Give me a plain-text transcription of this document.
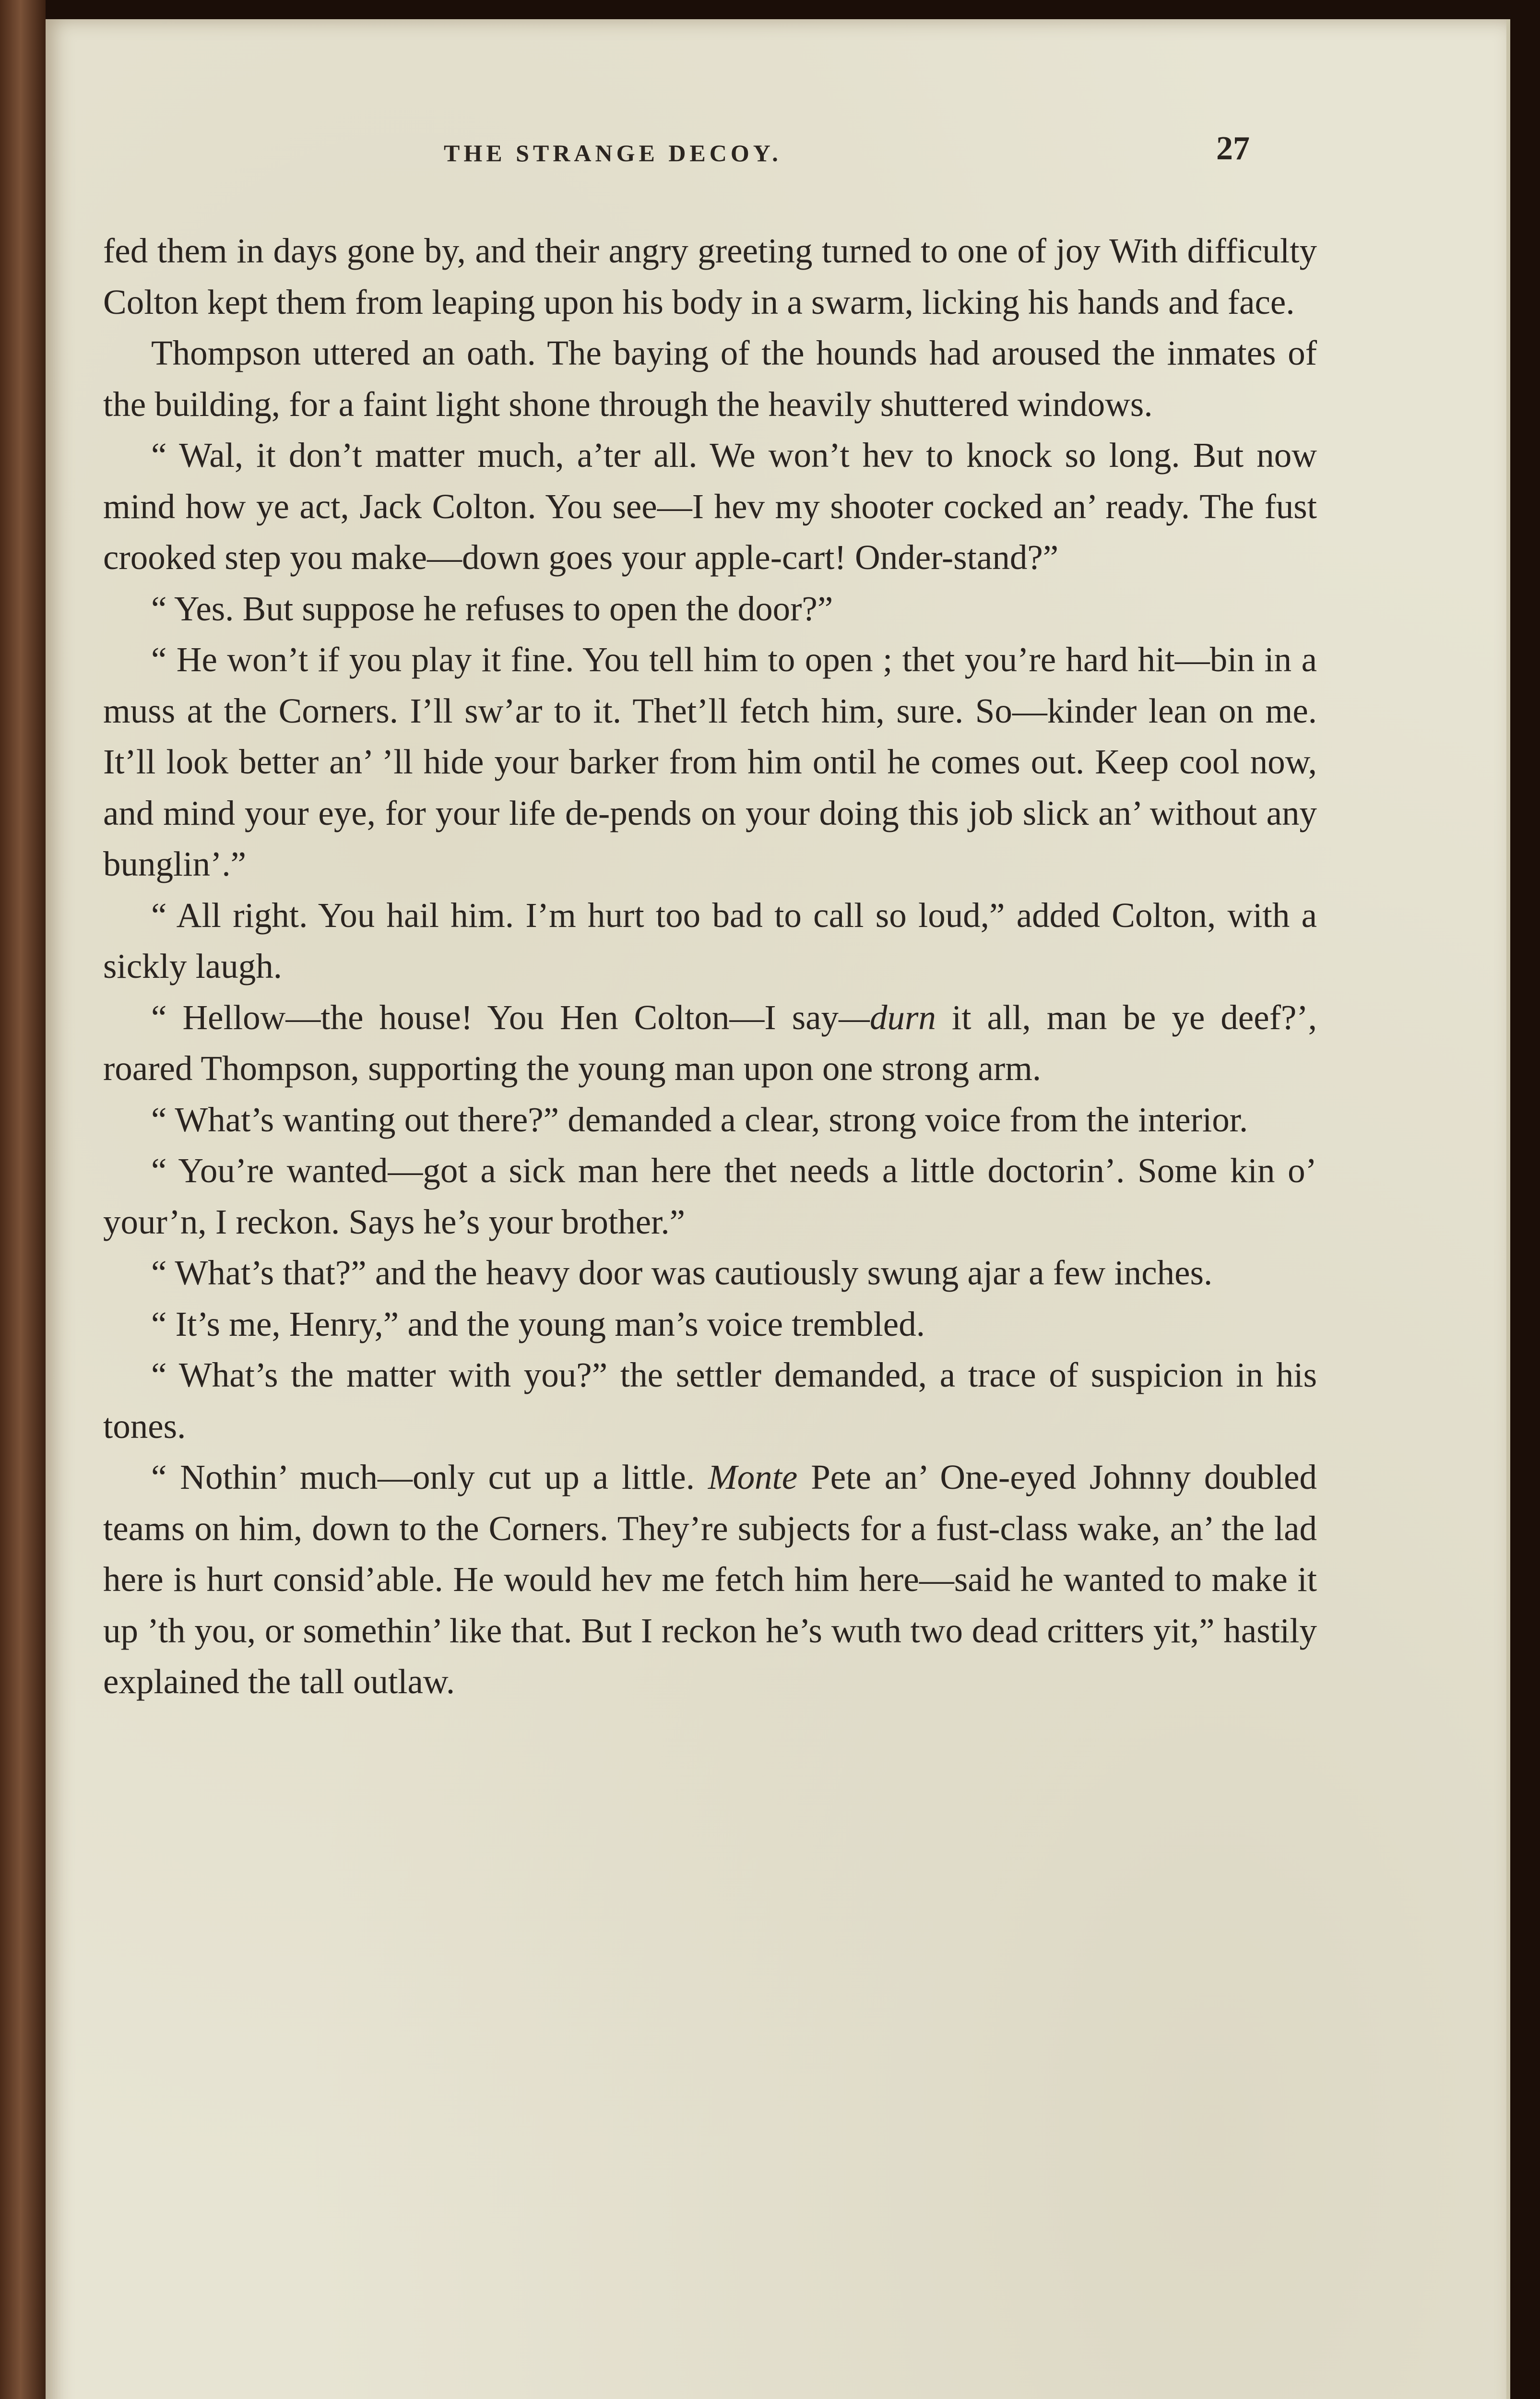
THE STRANGE DECOY.	27

fed them in days gone by, and their angry greeting turned to one of joy With difficulty Colton kept them from leaping upon his body in a swarm, licking his hands and face.

Thompson uttered an oath. The baying of the hounds had aroused the inmates of the building, for a faint light shone through the heavily shuttered windows.

“ Wal, it don’t matter much, a’ter all. We won’t hev to knock so long. But now mind how ye act, Jack Colton. You see—I hev my shooter cocked an’ ready. The fust crooked step you make—down goes your apple-cart! Onder-stand?”

“ Yes. But suppose he refuses to open the door?”

“ He won’t if you play it fine. You tell him to open ; thet you’re hard hit—bin in a muss at the Corners. I’ll sw’ar to it. Thet’ll fetch him, sure. So—kinder lean on me. It’ll look better an’ ’ll hide your barker from him ontil he comes out. Keep cool now, and mind your eye, for your life de-pends on your doing this job slick an’ without any bunglin’.”

“ All right. You hail him. I’m hurt too bad to call so loud,” added Colton, with a sickly laugh.

“ Hellow—the house! You Hen Colton—I say—durn it all, man be ye deef?’, roared Thompson, supporting the young man upon one strong arm.

“ What’s wanting out there?” demanded a clear, strong voice from the interior.

“ You’re wanted—got a sick man here thet needs a little doctorin’. Some kin o’ your’n, I reckon. Says he’s your brother.”

“ What’s that?” and the heavy door was cautiously swung ajar a few inches.

“ It’s me, Henry,” and the young man’s voice trembled.

“ What’s the matter with you?” the settler demanded, a trace of suspicion in his tones.

“ Nothin’ much—only cut up a little. Monte Pete an’ One-eyed Johnny doubled teams on him, down to the Corners. They’re subjects for a fust-class wake, an’ the lad here is hurt consid’able. He would hev me fetch him here—said he wanted to make it up ’th you, or somethin’ like that. But I reckon he’s wuth two dead critters yit,” hastily explained the tall outlaw.
